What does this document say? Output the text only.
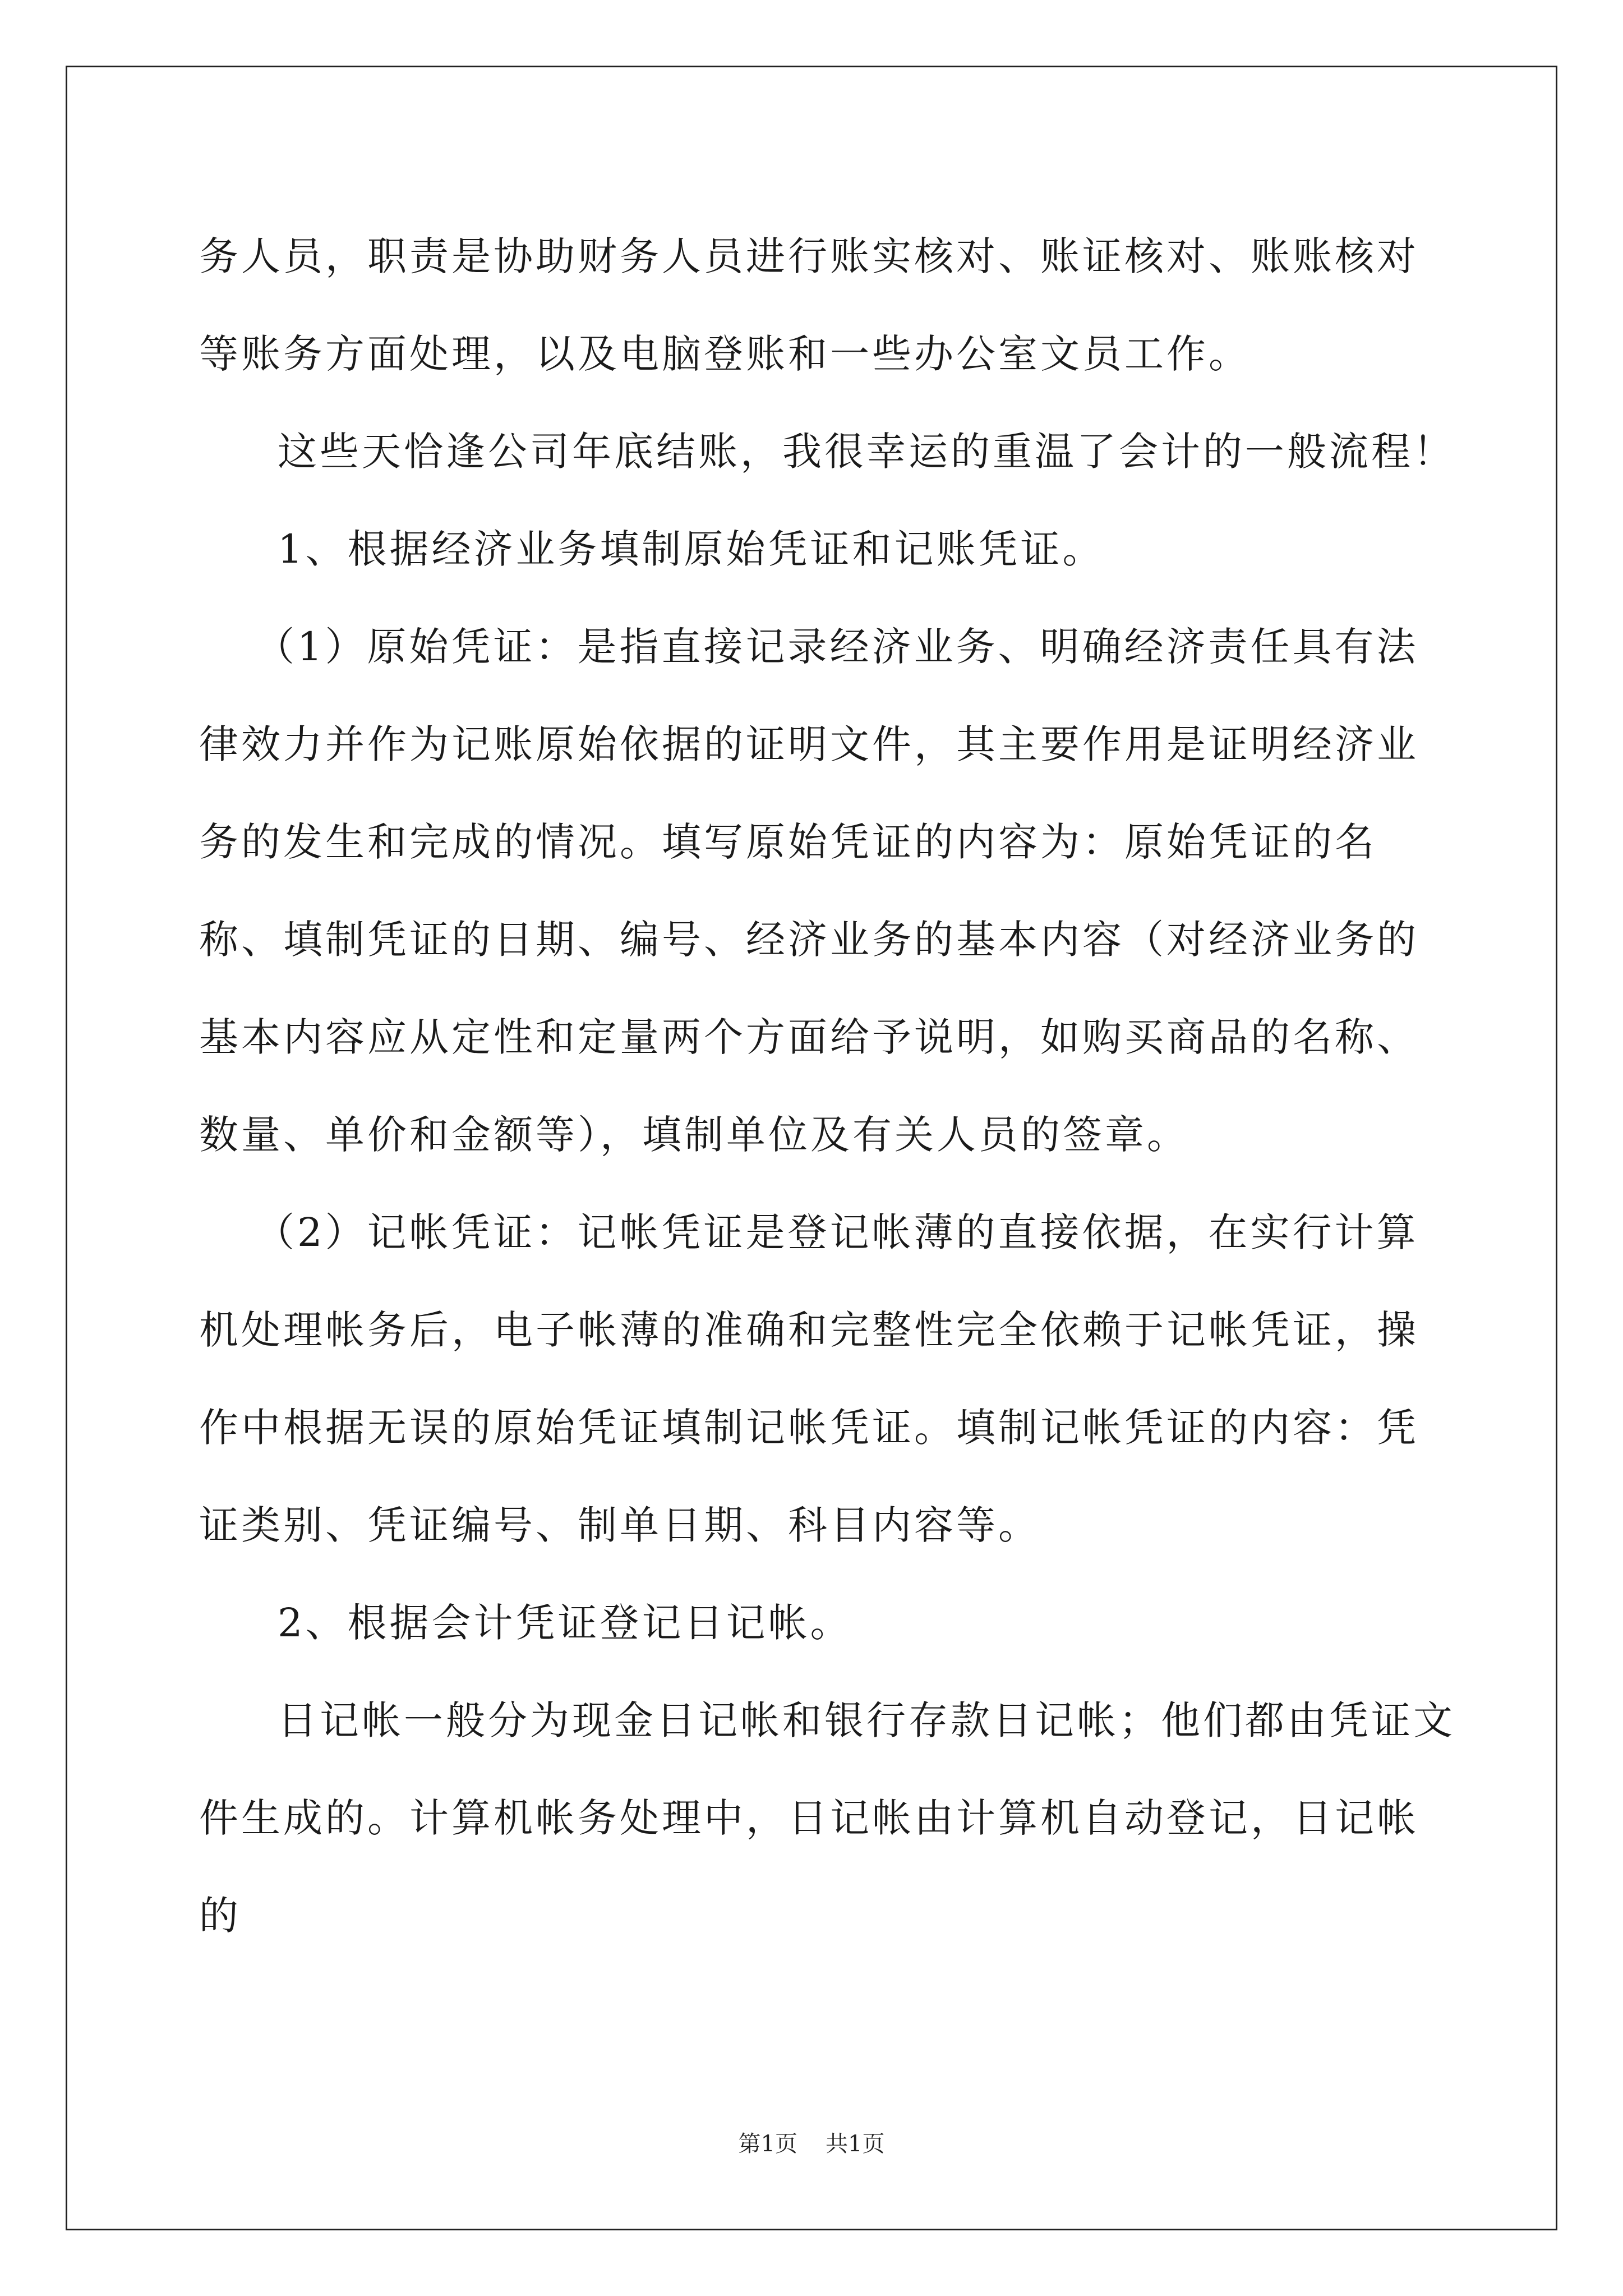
务人员，职责是协助财务人员进行账实核对、账证核对、账账核对等账务方面处理，以及电脑登账和一些办公室文员工作。

这些天恰逢公司年底结账，我很幸运的重温了会计的一般流程！

1、根据经济业务填制原始凭证和记账凭证。

（1）原始凭证：是指直接记录经济业务、明确经济责任具有法律效力并作为记账原始依据的证明文件，其主要作用是证明经济业务的发生和完成的情况。填写原始凭证的内容为：原始凭证的名称、填制凭证的日期、编号、经济业务的基本内容（对经济业务的基本内容应从定性和定量两个方面给予说明，如购买商品的名称、数量、单价和金额等），填制单位及有关人员的签章。

（2）记帐凭证：记帐凭证是登记帐薄的直接依据，在实行计算机处理帐务后，电子帐薄的准确和完整性完全依赖于记帐凭证，操作中根据无误的原始凭证填制记帐凭证。填制记帐凭证的内容：凭证类别、凭证编号、制单日期、科目内容等。

2、根据会计凭证登记日记帐。

日记帐一般分为现金日记帐和银行存款日记帐；他们都由凭证文件生成的。计算机帐务处理中，日记帐由计算机自动登记，日记帐的

第1页 共1页
